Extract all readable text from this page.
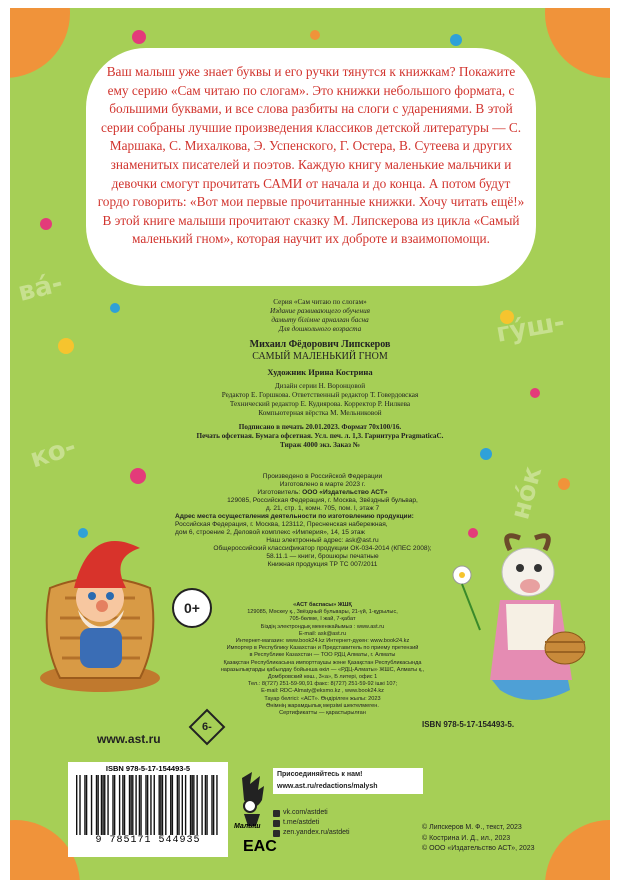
ва́-
гу́ш-
ко-
но́к

Ваш малыш уже знает буквы и его ручки тянутся к книжкам? Покажите ему серию «Сам читаю по слогам». Это книжки небольшого формата, с большими буквами, и все слова разбиты на слоги с ударениями. В этой серии собраны лучшие произведения классиков детской литературы — С. Маршака, С. Михалкова, Э. Успенского, Г. Остера, В. Сутеева и других знаменитых писателей и поэтов. Каждую книгу маленькие мальчики и девочки смогут прочитать САМИ от начала и до конца. А потом будут гордо говорить: «Вот мои первые прочитанные книжки. Хочу читать ещё!» В этой книге малыши прочитают сказку М. Липскерова из цикла «Самый маленький гном», которая научит их доброте и взаимопомощи.

Серия «Сам читаю по слогам»
Издание развивающего обучения
дамыту білімне арналған басна
Для дошкольного возраста
Михаил Фёдорович Липскеров
САМЫЙ МАЛЕНЬКИЙ ГНОМ
Художник Ирина Кострина
Дизайн серии Н. Воронцовой
Редактор Е. Горшкова. Ответственный редактор Т. Говердовская
Технический редактор Е. Кудиярова. Корректор Р. Нилкева
Компьютерная вёрстка М. Мельниковой
Подписано в печать 20.01.2023. Формат 70х100/16.
Печать офсетная. Бумага офсетная. Усл. печ. л. 1,3. Гарнитура PragmaticaC.
Тираж 4000 экз. Заказ №
Произведено в Российской Федерации
Изготовлено в марте 2023 г.
Изготовитель: ООО «Издательство АСТ»
129085, Российская Федерация, г. Москва, Звёздный бульвар,
д. 21, стр. 1, комн. 705, пом. I, этаж 7
Адрес места осуществления деятельности по изготовлению продукции:
Российская Федерация, г. Москва, 123112, Пресненская набережная,
дом 6, строение 2, Деловой комплекс «Империя», 14, 15 этаж
Наш электронный адрес: ask@ast.ru
Общероссийский классификатор продукции ОК-034-2014 (КПЕС 2008);
58.11.1 — книги, брошюры печатные
Книжная продукция ТР ТС 007/2011
0+	«АСТ баспасы» ЖШҚ
129085, Мәскеу қ., Звёздный бульвары, 21-үй, 1-құрылыс,
705-бөлме, I жай, 7-қабат
Біздің электрондық мекенжайымыз : www.ast.ru
E-mail: ask@ast.ru
Интернет-магазин: www.book24.kz Интернет-дүкен: www.book24.kz
Импортер в Республику Казахстан и Представитель по приему претензий
в Республике Казахстан — ТОО РДЦ Алматы, г. Алматы
Қазақстан Республикасына импорттаушы және Қазақстан Республикасында
наразылықтарды қабылдау бойынша өкіл — «РДЦ-Алматы» ЖШС, Алматы қ.,
Домбровский көш., 3«а», Б литері, офис 1
Тел.: 8(727) 251-59-90,91 факс: 8(727) 251-59-92 ішкі 107;
E-mail: RDC-Almaty@eksmo.kz , www.book24.kz
Тауар белгісі: «АСТ». Өндірілген жылы: 2023
Өнімнің жарамдылық мерзімі шектелмеген.
Сертификатты — қарастырылған
6-
www.ast.ru
ISBN 978-5-17-154493-5.
ISBN 978-5-17-154493-5
9 785171 544935
Малыш
EAC
Присоединяйтесь к нам!
www.ast.ru/redactions/malysh
vk.com/astdeti
t.me/astdeti
zen.yandex.ru/astdeti
© Липскеров М. Ф., текст, 2023
© Кострина И. Д., ил., 2023
© ООО «Издательство АСТ», 2023
